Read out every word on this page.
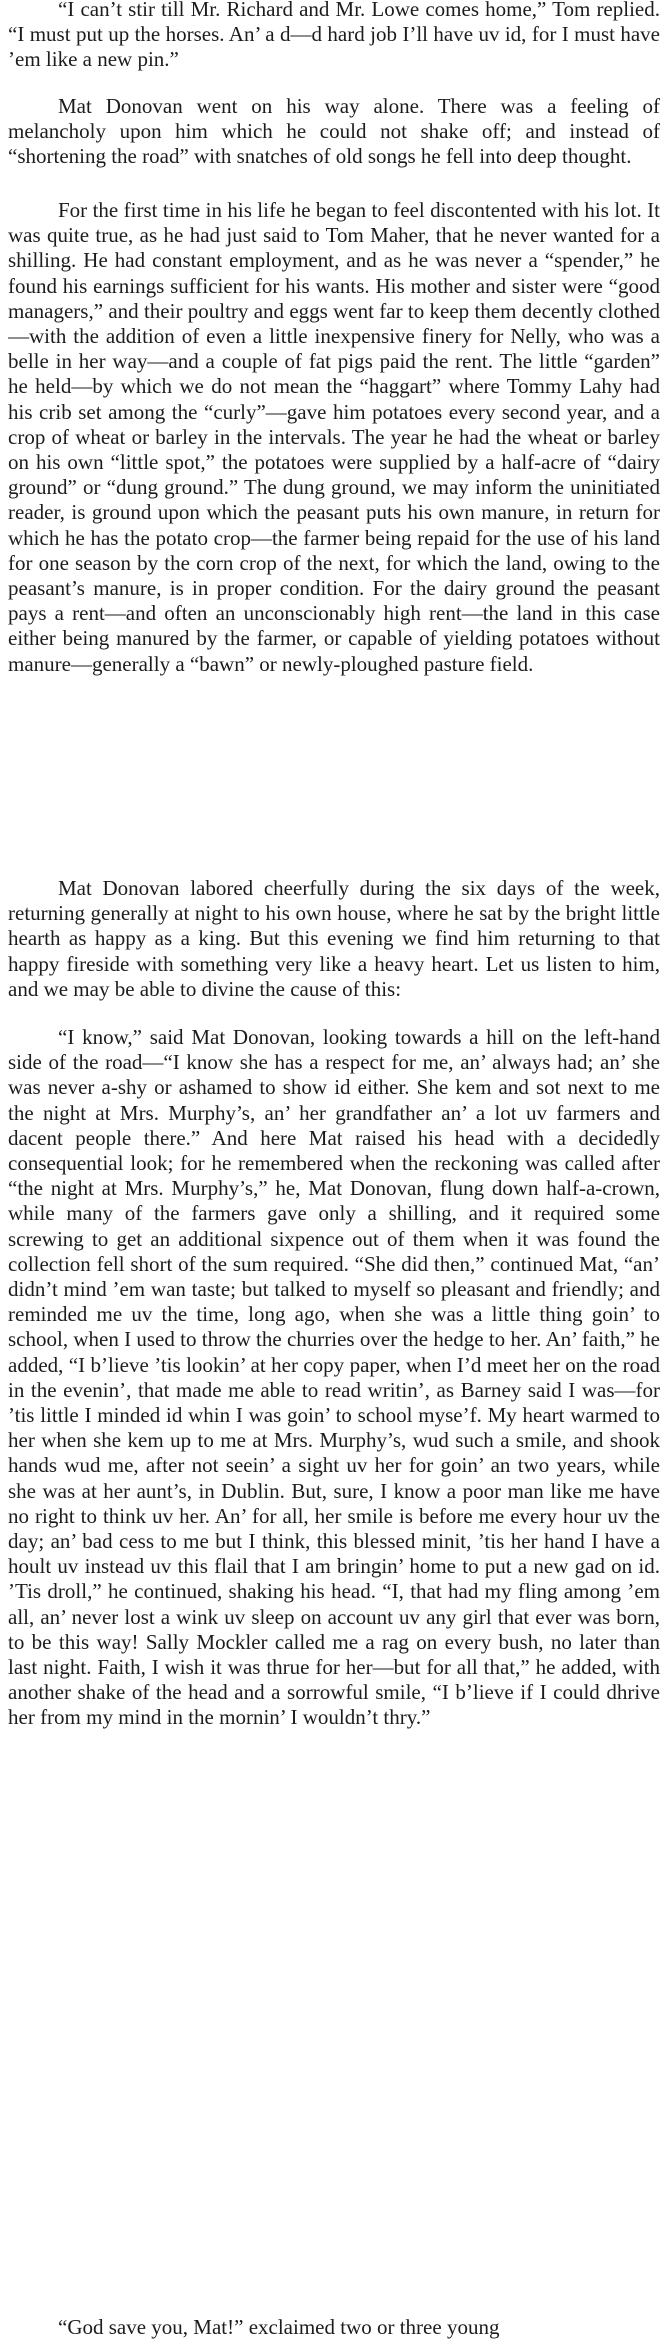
“I can’t stir till Mr. Richard and Mr. Lowe comes home,” Tom replied. “I must put up the horses. An’ a d—d hard job I’ll have uv id, for I must have ’em like a new pin.”

Mat Donovan went on his way alone. There was a feeling of melancholy upon him which he could not shake off; and instead of “shortening the road” with snatches of old songs he fell into deep thought.

For the first time in his life he began to feel discontented with his lot. It was quite true, as he had just said to Tom Maher, that he never wanted for a shilling. He had constant employment, and as he was never a “spender,” he found his earnings sufficient for his wants. His mother and sister were “good managers,” and their poultry and eggs went far to keep them decently clothed —with the addition of even a little inexpensive finery for Nelly, who was a belle in her way—and a couple of fat pigs paid the rent. The little “garden” he held—by which we do not mean the “haggart” where Tommy Lahy had his crib set among the “curly”—gave him potatoes every second year, and a crop of wheat or barley in the intervals. The year he had the wheat or barley on his own “little spot,” the potatoes were supplied by a half-acre of “dairy ground” or “dung ground.” The dung ground, we may inform the uninitiated reader, is ground upon which the peasant puts his own manure, in return for which he has the potato crop—the farmer being repaid for the use of his land for one season by the corn crop of the next, for which the land, owing to the peasant’s manure, is in proper condition. For the dairy ground the peasant pays a rent—and often an unconscionably high rent—the land in this case either being manured by the farmer, or capable of yielding potatoes without manure—generally a “bawn” or newly-ploughed pasture field.

Mat Donovan labored cheerfully during the six days of the week, returning generally at night to his own house, where he sat by the bright little hearth as happy as a king. But this evening we find him returning to that happy fireside with something very like a heavy heart. Let us listen to him, and we may be able to divine the cause of this:

“I know,” said Mat Donovan, looking towards a hill on the left-hand side of the road—“I know she has a respect for me, an’ always had; an’ she was never a-shy or ashamed to show id either. She kem and sot next to me the night at Mrs. Murphy’s, an’ her grandfather an’ a lot uv farmers and dacent people there.” And here Mat raised his head with a decidedly consequential look; for he remembered when the reckoning was called after “the night at Mrs. Murphy’s,” he, Mat Donovan, flung down half-a-crown, while many of the farmers gave only a shilling, and it required some screwing to get an additional sixpence out of them when it was found the collection fell short of the sum required. “She did then,” continued Mat, “an’ didn’t mind ’em wan taste; but talked to myself so pleasant and friendly; and reminded me uv the time, long ago, when she was a little thing goin’ to school, when I used to throw the churries over the hedge to her. An’ faith,” he added, “I b’lieve ’tis lookin’ at her copy paper, when I’d meet her on the road in the evenin’, that made me able to read writin’, as Barney said I was—for ’tis little I minded id whin I was goin’ to school myse’f. My heart warmed to her when she kem up to me at Mrs. Murphy’s, wud such a smile, and shook hands wud me, after not seein’ a sight uv her for goin’ an two years, while she was at her aunt’s, in Dublin. But, sure, I know a poor man like me have no right to think uv her. An’ for all, her smile is before me every hour uv the day; an’ bad cess to me but I think, this blessed minit, ’tis her hand I have a hoult uv instead uv this flail that I am bringin’ home to put a new gad on id. ’Tis droll,” he continued, shaking his head. “I, that had my fling among ’em all, an’ never lost a wink uv sleep on account uv any girl that ever was born, to be this way! Sally Mockler called me a rag on every bush, no later than last night. Faith, I wish it was thrue for her—but for all that,” he added, with another shake of the head and a sorrowful smile, “I b’lieve if I could dhrive her from my mind in the mornin’ I wouldn’t thry.”

“God save you, Mat!” exclaimed two or three young
